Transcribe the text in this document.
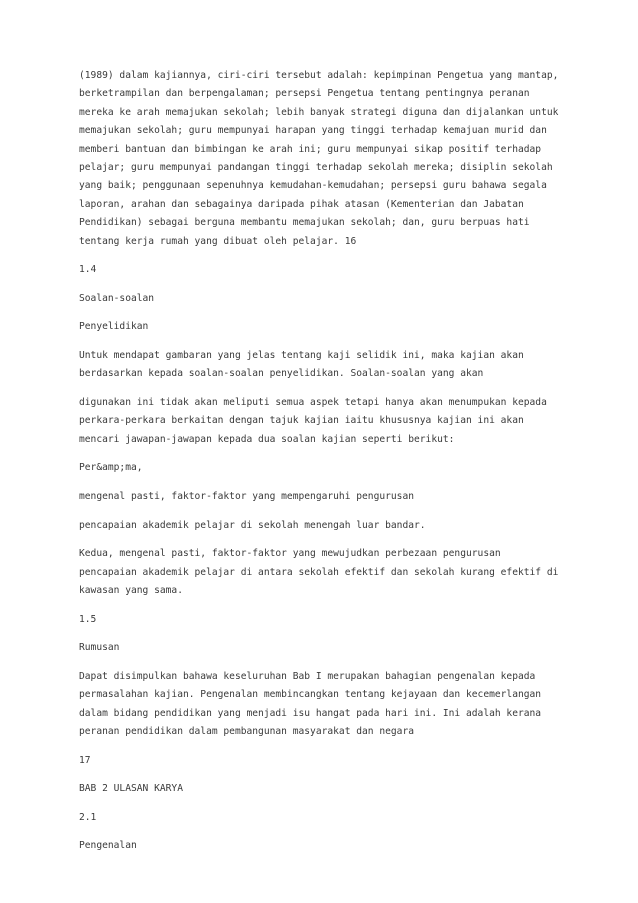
(1989) dalam kajiannya, ciri-ciri tersebut adalah: kepimpinan Pengetua yang mantap,
berketrampilan dan berpengalaman; persepsi Pengetua tentang pentingnya peranan
mereka ke arah memajukan sekolah; lebih banyak strategi diguna dan dijalankan untuk
memajukan sekolah; guru mempunyai harapan yang tinggi terhadap kemajuan murid dan
memberi bantuan dan bimbingan ke arah ini; guru mempunyai sikap positif terhadap
pelajar; guru mempunyai pandangan tinggi terhadap sekolah mereka; disiplin sekolah
yang baik; penggunaan sepenuhnya kemudahan-kemudahan; persepsi guru bahawa segala
laporan, arahan dan sebagainya daripada pihak atasan (Kementerian dan Jabatan
Pendidikan) sebagai berguna membantu memajukan sekolah; dan, guru berpuas hati
tentang kerja rumah yang dibuat oleh pelajar. 16

1.4

Soalan-soalan

Penyelidikan

Untuk mendapat gambaran yang jelas tentang kaji selidik ini, maka kajian akan
berdasarkan kepada soalan-soalan penyelidikan. Soalan-soalan yang akan

digunakan ini tidak akan meliputi semua aspek tetapi hanya akan menumpukan kepada
perkara-perkara berkaitan dengan tajuk kajian iaitu khususnya kajian ini akan
mencari jawapan-jawapan kepada dua soalan kajian seperti berikut:

Per&amp;ma,

mengenal pasti, faktor-faktor yang mempengaruhi pengurusan

pencapaian akademik pelajar di sekolah menengah luar bandar.

Kedua, mengenal pasti, faktor-faktor yang mewujudkan perbezaan pengurusan
pencapaian akademik pelajar di antara sekolah efektif dan sekolah kurang efektif di
kawasan yang sama.

1.5

Rumusan

Dapat disimpulkan bahawa keseluruhan Bab I merupakan bahagian pengenalan kepada
permasalahan kajian. Pengenalan membincangkan tentang kejayaan dan kecemerlangan
dalam bidang pendidikan yang menjadi isu hangat pada hari ini. Ini adalah kerana
peranan pendidikan dalam pembangunan masyarakat dan negara

17

BAB 2 ULASAN KARYA

2.1

Pengenalan
